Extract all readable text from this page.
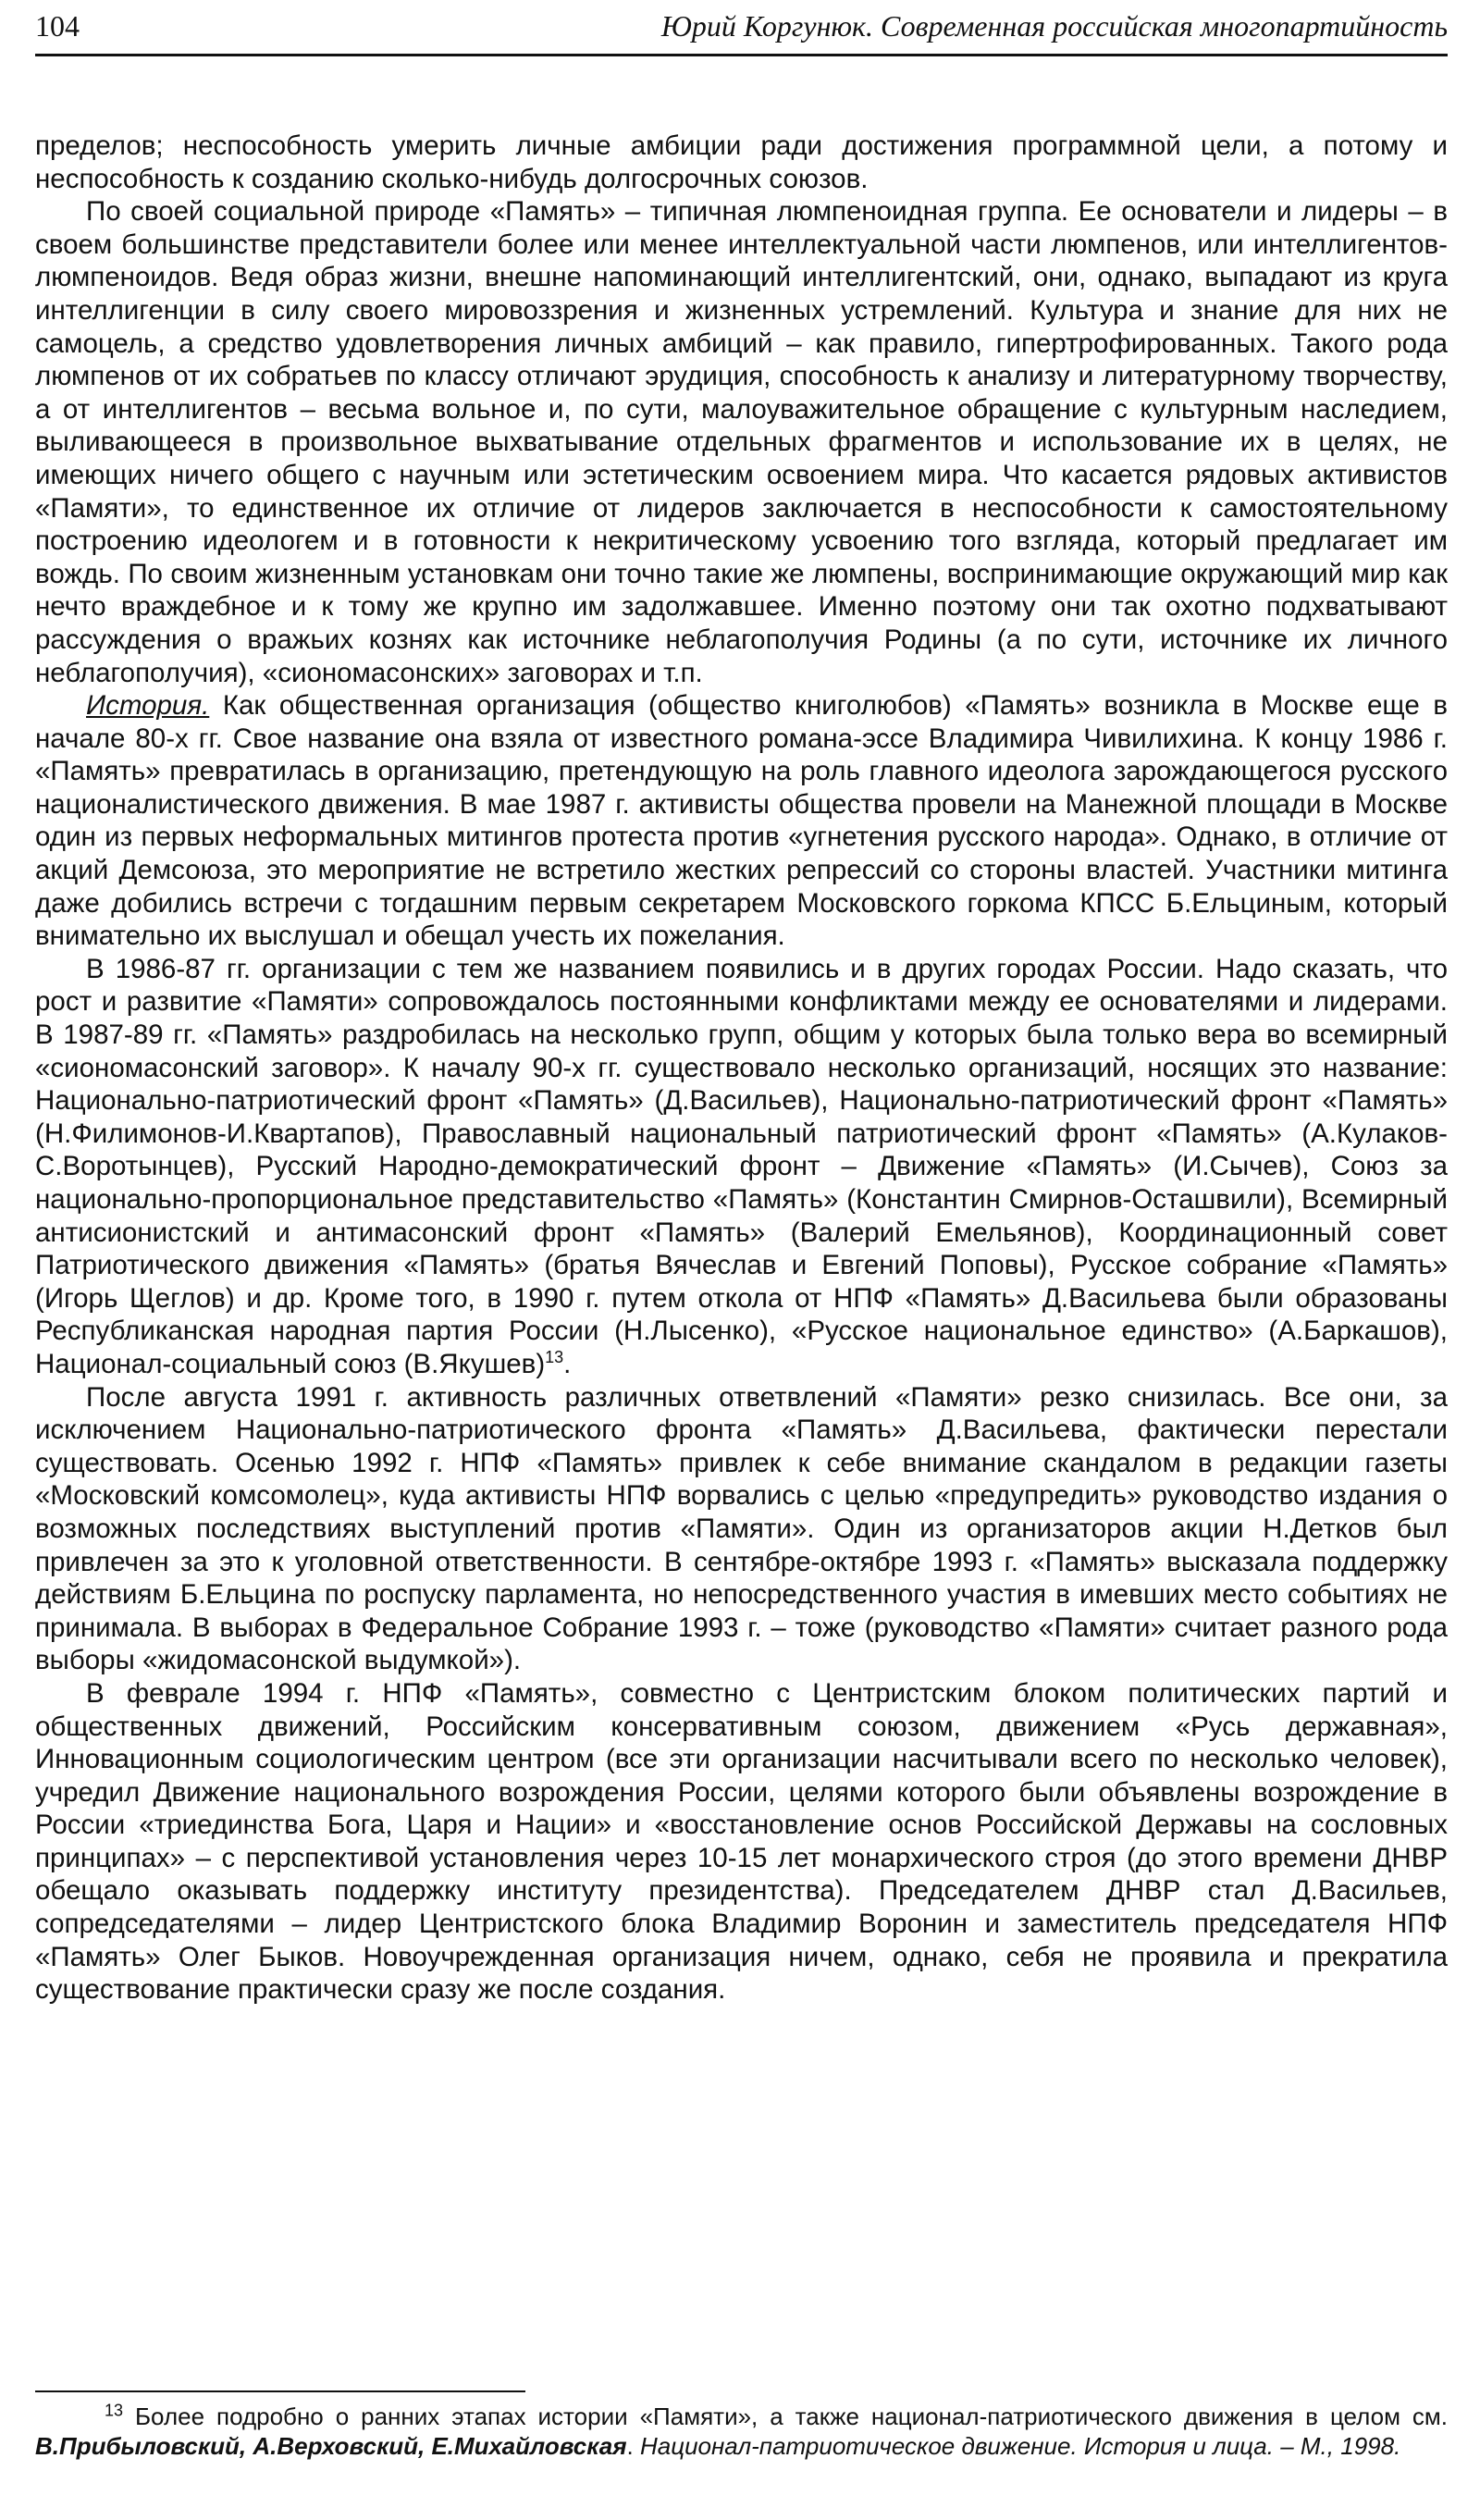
104	Юрий Коргунюк. Современная российская многопартийность

пределов; неспособность умерить личные амбиции ради достижения программной цели, а потому и неспособность к созданию сколько-нибудь долгосрочных союзов.

По своей социальной природе «Память» – типичная люмпеноидная группа. Ее основатели и лидеры – в своем большинстве представители более или менее интеллектуальной части люмпенов, или интеллигентов-люмпеноидов. Ведя образ жизни, внешне напоминающий интеллигентский, они, однако, выпадают из круга интеллигенции в силу своего мировоззрения и жизненных устремлений. Культура и знание для них не самоцель, а средство удовлетворения личных амбиций – как правило, гипертрофированных. Такого рода люмпенов от их собратьев по классу отличают эрудиция, способность к анализу и литературному творчеству, а от интеллигентов – весьма вольное и, по сути, малоуважительное обращение с культурным наследием, выливающееся в произвольное выхватывание отдельных фрагментов и использование их в целях, не имеющих ничего общего с научным или эстетическим освоением мира. Что касается рядовых активистов «Памяти», то единственное их отличие от лидеров заключается в неспособности к самостоятельному построению идеологем и в готовности к некритическому усвоению того взгляда, который предлагает им вождь. По своим жизненным установкам они точно такие же люмпены, воспринимающие окружающий мир как нечто враждебное и к тому же крупно им задолжавшее. Именно поэтому они так охотно подхватывают рассуждения о вражьих кознях как источнике неблагополучия Родины (а по сути, источнике их личного неблагополучия), «сиономасонских» заговорах и т.п.

История. Как общественная организация (общество книголюбов) «Память» возникла в Москве еще в начале 80-х гг. Свое название она взяла от известного романа-эссе Владимира Чивилихина. К концу 1986 г. «Память» превратилась в организацию, претендующую на роль главного идеолога зарождающегося русского националистического движения. В мае 1987 г. активисты общества провели на Манежной площади в Москве один из первых неформальных митингов протеста против «угнетения русского народа». Однако, в отличие от акций Демсоюза, это мероприятие не встретило жестких репрессий со стороны властей. Участники митинга даже добились встречи с тогдашним первым секретарем Московского горкома КПСС Б.Ельциным, который внимательно их выслушал и обещал учесть их пожелания.

В 1986-87 гг. организации с тем же названием появились и в других городах России. Надо сказать, что рост и развитие «Памяти» сопровождалось постоянными конфликтами между ее основателями и лидерами. В 1987-89 гг. «Память» раздробилась на несколько групп, общим у которых была только вера во всемирный «сиономасонский заговор». К началу 90-х гг. существовало несколько организаций, носящих это название: Национально-патриотический фронт «Память» (Д.Васильев), Национально-патриотический фронт «Память» (Н.Филимонов-И.Квартапов), Православный национальный патриотический фронт «Память» (А.Кулаков-С.Воротынцев), Русский Народно-демократический фронт – Движение «Память» (И.Сычев), Союз за национально-пропорциональное представительство «Память» (Константин Смирнов-Осташвили), Всемирный антисионистский и антимасонский фронт «Память» (Валерий Емельянов), Координационный совет Патриотического движения «Память» (братья Вячеслав и Евгений Поповы), Русское собрание «Память» (Игорь Щеглов) и др. Кроме того, в 1990 г. путем откола от НПФ «Память» Д.Васильева были образованы Республиканская народная партия России (Н.Лысенко), «Русское национальное единство» (А.Баркашов), Национал-социальный союз (В.Якушев)$^{13}$.

После августа 1991 г. активность различных ответвлений «Памяти» резко снизилась. Все они, за исключением Национально-патриотического фронта «Память» Д.Васильева, фактически перестали существовать. Осенью 1992 г. НПФ «Память» привлек к себе внимание скандалом в редакции газеты «Московский комсомолец», куда активисты НПФ ворвались с целью «предупредить» руководство издания о возможных последствиях выступлений против «Памяти». Один из организаторов акции Н.Детков был привлечен за это к уголовной ответственности. В сентябре-октябре 1993 г. «Память» высказала поддержку действиям Б.Ельцина по роспуску парламента, но непосредственного участия в имевших место событиях не принимала. В выборах в Федеральное Собрание 1993 г. – тоже (руководство «Памяти» считает разного рода выборы «жидомасонской выдумкой»).

В феврале 1994 г. НПФ «Память», совместно с Центристским блоком политических партий и общественных движений, Российским консервативным союзом, движением «Русь державная», Инновационным социологическим центром (все эти организации насчитывали всего по несколько человек), учредил Движение национального возрождения России, целями которого были объявлены возрождение в России «триединства Бога, Царя и Нации» и «восстановление основ Российской Державы на сословных принципах» – с перспективой установления через 10-15 лет монархического строя (до этого времени ДНВР обещало оказывать поддержку институту президентства). Председателем ДНВР стал Д.Васильев, сопредседателями – лидер Центристского блока Владимир Воронин и заместитель председателя НПФ «Память» Олег Быков. Новоучрежденная организация ничем, однако, себя не проявила и прекратила существование практически сразу же после создания.

$^{13}$ Более подробно о ранних этапах истории «Памяти», а также национал-патриотического движения в целом см. В.Прибыловский, А.Верховский, Е.Михайловская. Национал-патриотическое движение. История и лица. – М., 1998.
